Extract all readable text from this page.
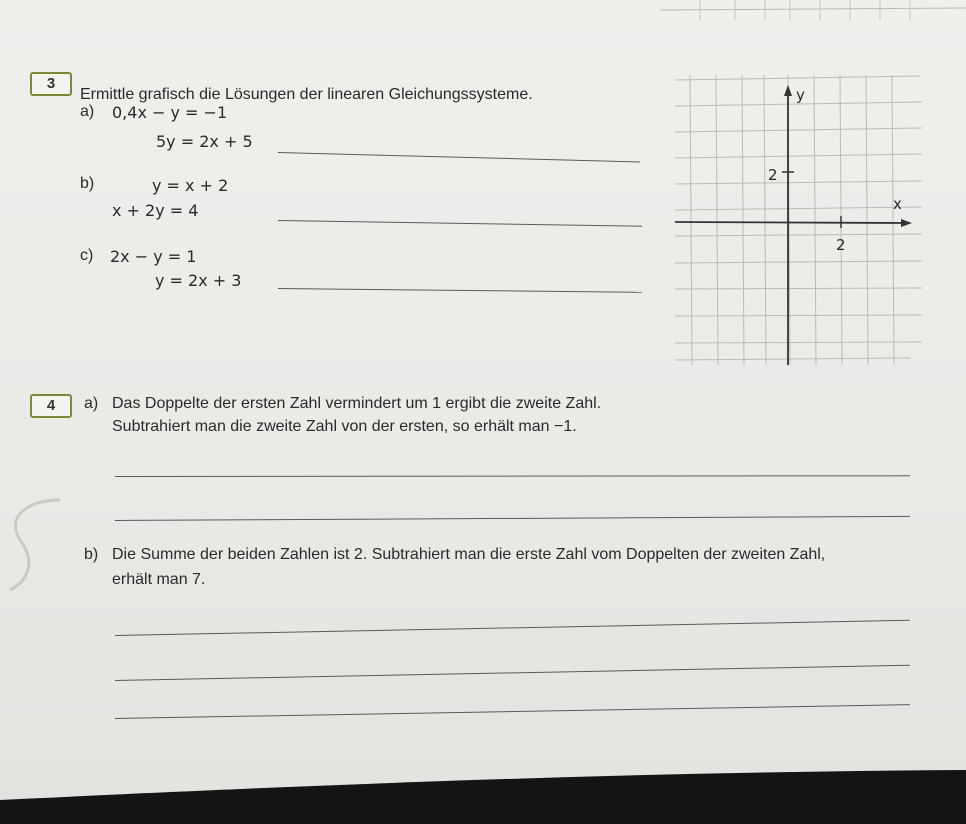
3
Ermittle grafisch die Lösungen der linearen Gleichungssysteme.
a) 0,4x − y = −1
5y = 2x + 5
b)	y = x + 2
x + 2y = 4
c) 2x − y = 1
y = 2x + 3
y
x
2
2
4	a) Das Doppelte der ersten Zahl vermindert um 1 ergibt die zweite Zahl.
Subtrahiert man die zweite Zahl von der ersten, so erhält man −1.
b) Die Summe der beiden Zahlen ist 2. Subtrahiert man die erste Zahl vom Doppelten der zweiten Zahl,
erhält man 7.
